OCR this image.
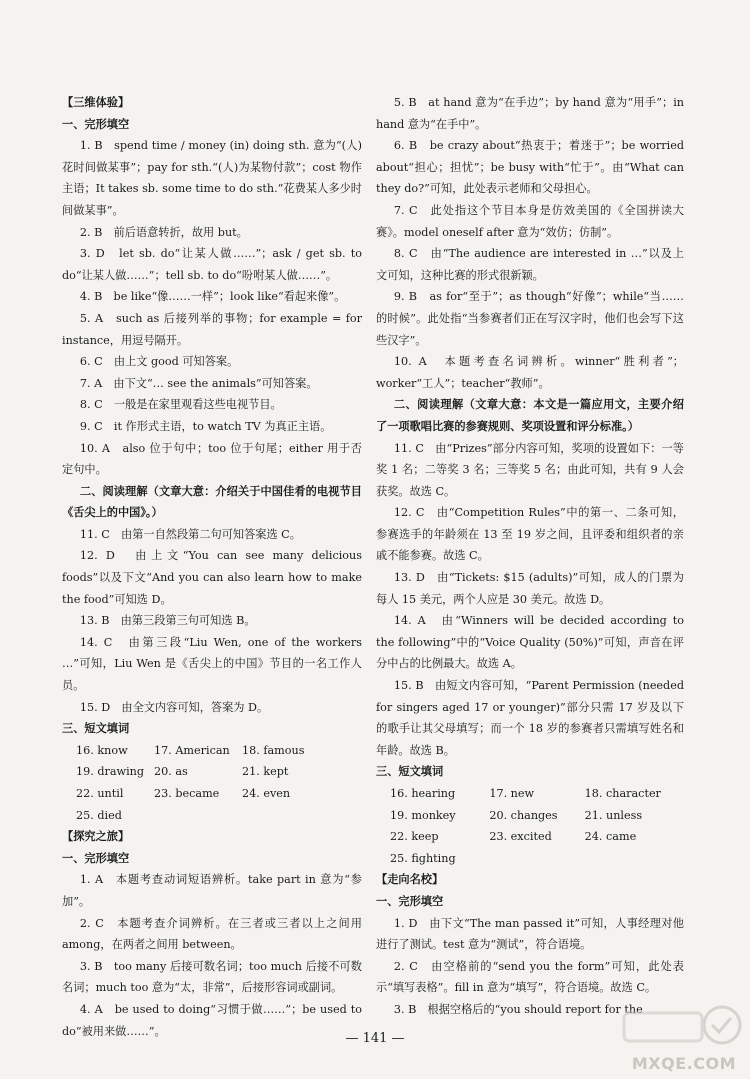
【三维体验】

一、完形填空

1. B　spend time / money (in) doing sth. 意为“(人)花时间做某事”；pay for sth.“(人)为某物付款”；cost 物作主语；It takes sb. some time to do sth.“花费某人多少时间做某事”。

2. B　前后语意转折，故用 but。

3. D　let sb. do“让某人做……”；ask / get sb. to do“让某人做……”；tell sb. to do“吩咐某人做……”。

4. B　be like“像……一样”；look like“看起来像”。

5. A　such as 后接列举的事物；for example = for instance，用逗号隔开。

6. C　由上文 good 可知答案。

7. A　由下文“… see the animals”可知答案。

8. C　一般是在家里观看这些电视节目。

9. C　it 作形式主语，to watch TV 为真正主语。

10. A　also 位于句中；too 位于句尾；either 用于否定句中。

二、阅读理解（文章大意：介绍关于中国佳肴的电视节目《舌尖上的中国》。）

11. C　由第一自然段第二句可知答案选 C。

12. D　由上文“You can see many delicious foods”以及下文“And you can also learn how to make the food”可知选 D。

13. B　由第三段第三句可知选 B。

14. C　由第三段“Liu Wen, one of the workers …”可知，Liu Wen 是《舌尖上的中国》节目的一名工作人员。

15. D　由全文内容可知，答案为 D。

三、短文填词

16. know	17. American	18. famous
19. drawing 20. as	21. kept
22. until	23. became	24. even
25. died

【探究之旅】

一、完形填空

1. A　本题考查动词短语辨析。take part in 意为“参加”。

2. C　本题考查介词辨析。在三者或三者以上之间用 among，在两者之间用 between。

3. B　too many 后接可数名词；too much 后接不可数名词；much too 意为“太，非常”，后接形容词或副词。

4. A　be used to doing“习惯于做……”；be used to do“被用来做……”。

5. B　at hand 意为“在手边”；by hand 意为“用手”；in hand 意为“在手中”。

6. B　be crazy about“热衷于；着迷于”；be worried about“担心；担忧”；be busy with“忙于”。由“What can they do?”可知，此处表示老师和父母担心。

7. C　此处指这个节目本身是仿效美国的《全国拼读大赛》。model oneself after 意为“效仿；仿制”。

8. C　由“The audience are interested in …”以及上文可知，这种比赛的形式很新颖。

9. B　as for“至于”；as though“好像”；while“当……的时候”。此处指“当参赛者们正在写汉字时，他们也会写下这些汉字”。

10. A　本题考查名词辨析。winner“胜利者”；worker“工人”；teacher“教师”。

二、阅读理解（文章大意：本文是一篇应用文，主要介绍了一项歌唱比赛的参赛规则、奖项设置和评分标准。）

11. C　由“Prizes”部分内容可知，奖项的设置如下：一等奖 1 名；二等奖 3 名；三等奖 5 名；由此可知，共有 9 人会获奖。故选 C。

12. C　由“Competition Rules”中的第一、二条可知，参赛选手的年龄须在 13 至 19 岁之间，且评委和组织者的亲戚不能参赛。故选 C。

13. D　由“Tickets: $15 (adults)”可知，成人的门票为每人 15 美元，两个人应是 30 美元。故选 D。

14. A　由“Winners will be decided according to the following”中的“Voice Quality (50%)”可知，声音在评分中占的比例最大。故选 A。

15. B　由短文内容可知，“Parent Permission (needed for singers aged 17 or younger)”部分只需 17 岁及以下的歌手让其父母填写；而一个 18 岁的参赛者只需填写姓名和年龄。故选 B。

三、短文填词

16. hearing	17. new	18. character
19. monkey	20. changes	21. unless
22. keep	23. excited	24. came
25. fighting

【走向名校】

一、完形填空

1. D　由下文“The man passed it”可知，人事经理对他进行了测试。test 意为“测试”，符合语境。

2. C　由空格前的“send you the form”可知，此处表示“填写表格”。fill in 意为“填写”，符合语境。故选 C。

3. B　根据空格后的“you should report for the

— 141 —
MXQE.COM
